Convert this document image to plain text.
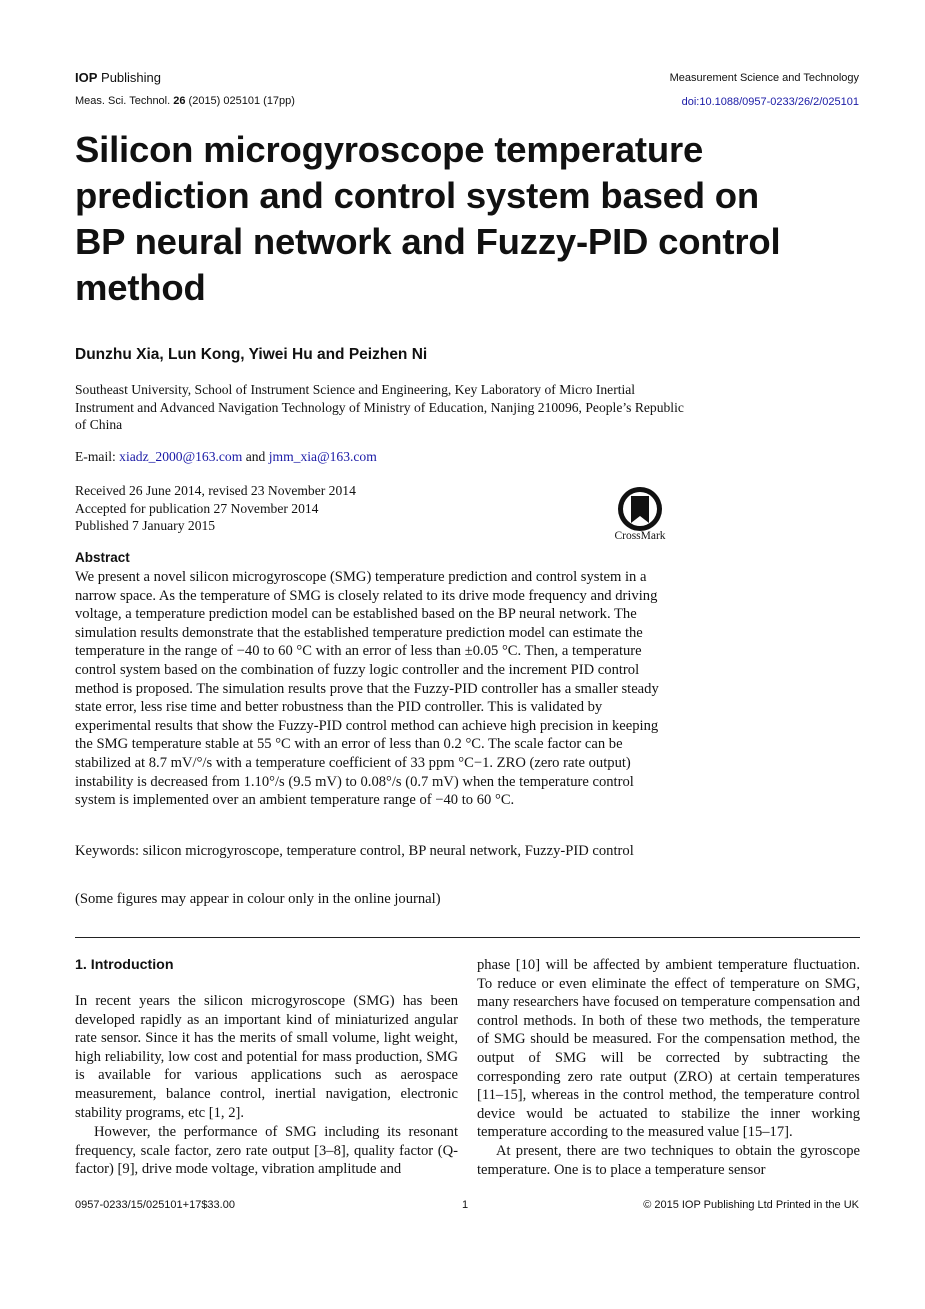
IOP Publishing	Measurement Science and Technology
Meas. Sci. Technol. 26 (2015) 025101 (17pp)	doi:10.1088/0957-0233/26/2/025101
Silicon microgyroscope temperature prediction and control system based on BP neural network and Fuzzy-PID control method
Dunzhu Xia, Lun Kong, Yiwei Hu and Peizhen Ni
Southeast University, School of Instrument Science and Engineering, Key Laboratory of Micro Inertial Instrument and Advanced Navigation Technology of Ministry of Education, Nanjing 210096, People’s Republic of China
E-mail: xiadz_2000@163.com and jmm_xia@163.com
Received 26 June 2014, revised 23 November 2014
Accepted for publication 27 November 2014
Published 7 January 2015
CrossMark
Abstract

We present a novel silicon microgyroscope (SMG) temperature prediction and control system in a narrow space. As the temperature of SMG is closely related to its drive mode frequency and driving voltage, a temperature prediction model can be established based on the BP neural network. The simulation results demonstrate that the established temperature prediction model can estimate the temperature in the range of −40 to 60 °C with an error of less than ±0.05 °C. Then, a temperature control system based on the combination of fuzzy logic controller and the increment PID control method is proposed. The simulation results prove that the Fuzzy-PID controller has a smaller steady state error, less rise time and better robustness than the PID controller. This is validated by experimental results that show the Fuzzy-PID control method can achieve high precision in keeping the SMG temperature stable at 55 °C with an error of less than 0.2 °C. The scale factor can be stabilized at 8.7 mV/°/s with a temperature coefficient of 33 ppm °C−1. ZRO (zero rate output) instability is decreased from 1.10°/s (9.5 mV) to 0.08°/s (0.7 mV) when the temperature control system is implemented over an ambient temperature range of −40 to 60 °C.

Keywords: silicon microgyroscope, temperature control, BP neural network, Fuzzy-PID control
(Some figures may appear in colour only in the online journal)
1. Introduction

In recent years the silicon microgyroscope (SMG) has been developed rapidly as an important kind of miniaturized angular rate sensor. Since it has the merits of small volume, light weight, high reliability, low cost and potential for mass production, SMG is available for various applications such as aerospace measurement, balance control, inertial navigation, electronic stability programs, etc [1, 2].

However, the performance of SMG including its resonant frequency, scale factor, zero rate output [3–8], quality factor (Q-factor) [9], drive mode voltage, vibration amplitude and

phase [10] will be affected by ambient temperature fluctuation. To reduce or even eliminate the effect of temperature on SMG, many researchers have focused on temperature compensation and control methods. In both of these two methods, the temperature of SMG should be measured. For the compensation method, the output of SMG will be corrected by subtracting the corresponding zero rate output (ZRO) at certain temperatures [11–15], whereas in the control method, the temperature control device would be actuated to stabilize the inner working temperature according to the measured value [15–17].

At present, there are two techniques to obtain the gyroscope temperature. One is to place a temperature sensor

0957-0233/15/025101+17$33.00	1	© 2015 IOP Publishing Ltd Printed in the UK
